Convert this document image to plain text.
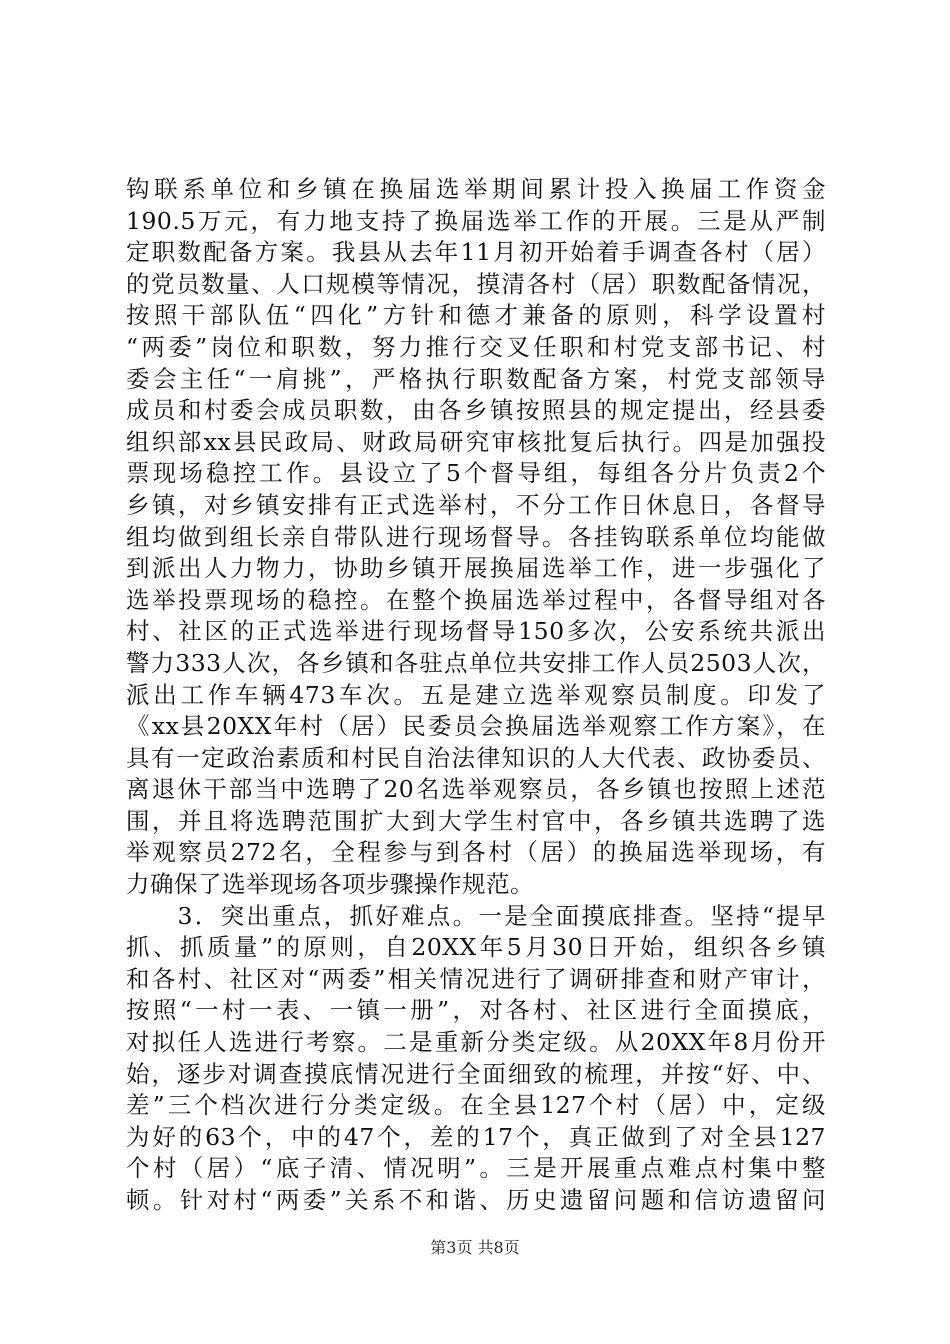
钩联系单位和乡镇在换届选举期间累计投入换届工作资金
190.5万元，有力地支持了换届选举工作的开展。三是从严制
定职数配备方案。我县从去年11月初开始着手调查各村（居）
的党员数量、人口规模等情况，摸清各村（居）职数配备情况，
按照干部队伍“四化”方针和德才兼备的原则，科学设置村
“两委”岗位和职数，努力推行交叉任职和村党支部书记、村
委会主任“一肩挑”，严格执行职数配备方案，村党支部领导
成员和村委会成员职数，由各乡镇按照县的规定提出，经县委
组织部xx县民政局、财政局研究审核批复后执行。四是加强投
票现场稳控工作。县设立了5个督导组，每组各分片负责2个
乡镇，对乡镇安排有正式选举村，不分工作日休息日，各督导
组均做到组长亲自带队进行现场督导。各挂钩联系单位均能做
到派出人力物力，协助乡镇开展换届选举工作，进一步强化了
选举投票现场的稳控。在整个换届选举过程中，各督导组对各
村、社区的正式选举进行现场督导150多次，公安系统共派出
警力333人次，各乡镇和各驻点单位共安排工作人员2503人次，
派出工作车辆473车次。五是建立选举观察员制度。印发了
《xx县20XX年村（居）民委员会换届选举观察工作方案》，在
具有一定政治素质和村民自治法律知识的人大代表、政协委员、
离退休干部当中选聘了20名选举观察员，各乡镇也按照上述范
围，并且将选聘范围扩大到大学生村官中，各乡镇共选聘了选
举观察员272名，全程参与到各村（居）的换届选举现场，有
力确保了选举现场各项步骤操作规范。
　　3．突出重点，抓好难点。一是全面摸底排查。坚持“提早
抓、抓质量”的原则，自20XX年5月30日开始，组织各乡镇
和各村、社区对“两委”相关情况进行了调研排查和财产审计，
按照“一村一表、一镇一册”，对各村、社区进行全面摸底，
对拟任人选进行考察。二是重新分类定级。从20XX年8月份开
始，逐步对调查摸底情况进行全面细致的梳理，并按“好、中、
差”三个档次进行分类定级。在全县127个村（居）中，定级
为好的63个，中的47个，差的17个，真正做到了对全县127
个村（居）“底子清、情况明”。三是开展重点难点村集中整
顿。针对村“两委”关系不和谐、历史遗留问题和信访遗留问
第3页 共8页
